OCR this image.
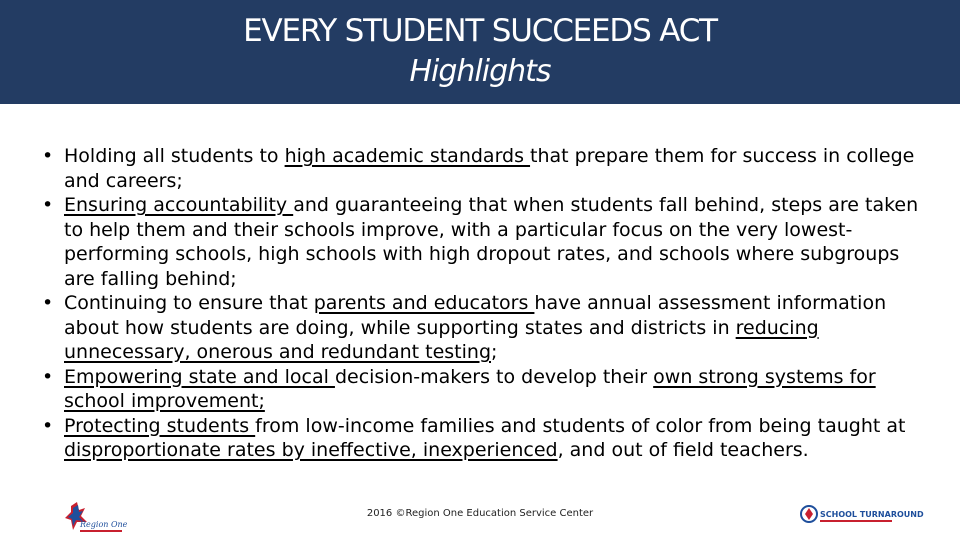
EVERY STUDENT SUCCEEDS ACT
Highlights
• Holding all students to high academic standards that prepare them for success in college and careers;
• Ensuring accountability and guaranteeing that when students fall behind, steps are taken to help them and their schools improve, with a particular focus on the very lowest-performing schools, high schools with high dropout rates, and schools where subgroups are falling behind;
• Continuing to ensure that parents and educators have annual assessment information about how students are doing, while supporting states and districts in reducing unnecessary, onerous and redundant testing;
• Empowering state and local decision-makers to develop their own strong systems for school improvement;
• Protecting students from low-income families and students of color from being taught at disproportionate rates by ineffective, inexperienced, and out of field teachers.
Region One
2016 ©Region One Education Service Center	SCHOOL TURNAROUND
